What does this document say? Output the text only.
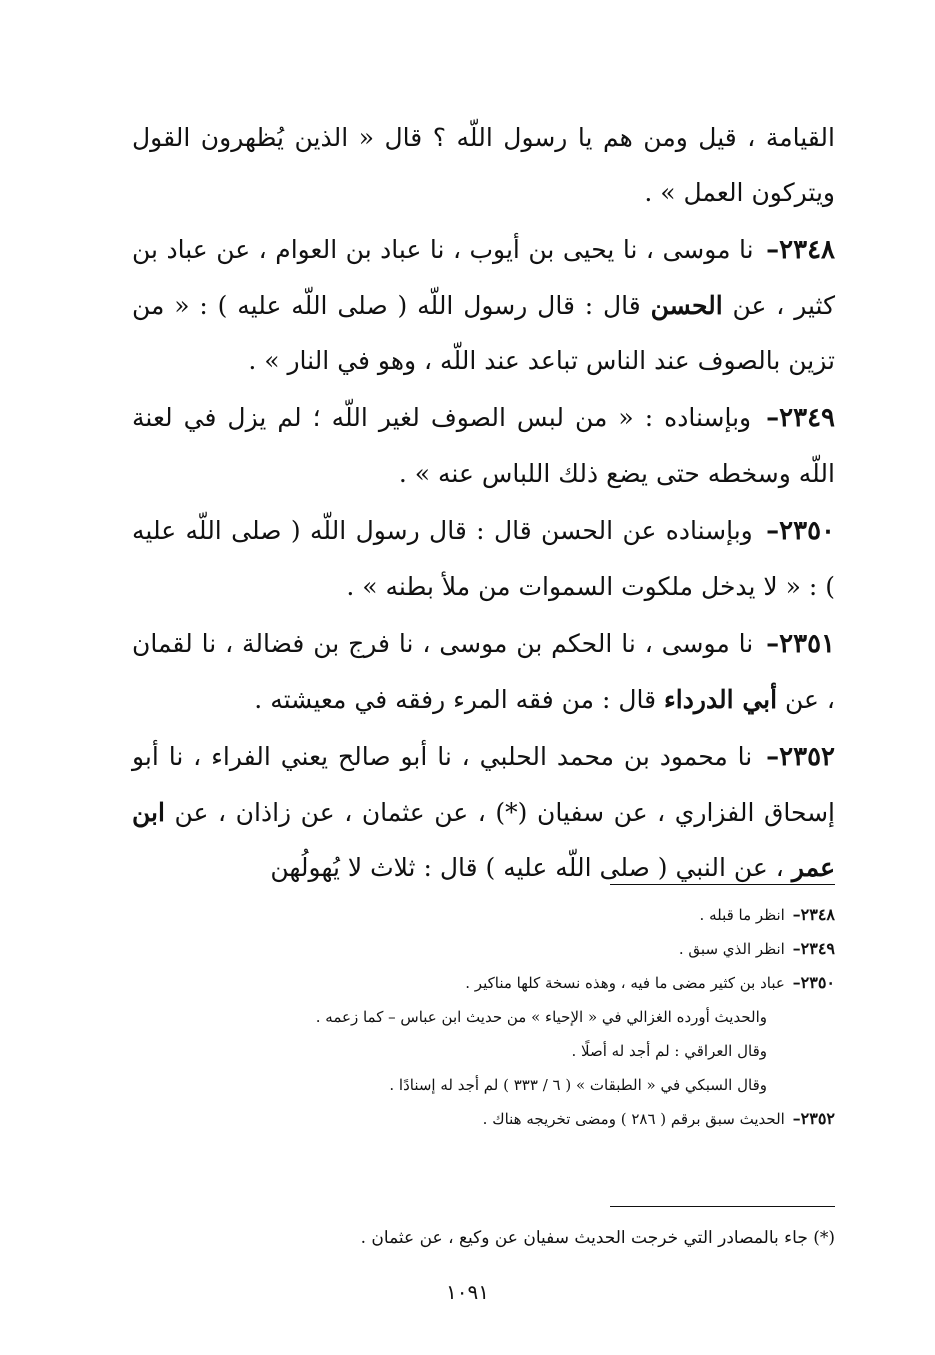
القيامة ، قيل ومن هم يا رسول اللّه ؟ قال « الذين يُظهرون القول ويتركون العمل » .

٢٣٤٨– نا موسى ، نا يحيى بن أيوب ، نا عباد بن العوام ، عن عباد بن كثير ، عن الحسن قال : قال رسول اللّه ( صلى اللّه عليه ) : « من تزين بالصوف عند الناس تباعد عند اللّه ، وهو في النار » .

٢٣٤٩– وبإسناده : « من لبس الصوف لغير اللّه ؛ لم يزل في لعنة اللّه وسخطه حتى يضع ذلك اللباس عنه » .

٢٣٥٠– وبإسناده عن الحسن قال : قال رسول اللّه ( صلى اللّه عليه ) : « لا يدخل ملكوت السموات من ملأ بطنه » .

٢٣٥١– نا موسى ، نا الحكم بن موسى ، نا فرج بن فضالة ، نا لقمان ، عن أبي الدرداء قال : من فقه المرء رفقه في معيشته .

٢٣٥٢– نا محمود بن محمد الحلبي ، نا أبو صالح يعني الفراء ، نا أبو إسحاق الفزاري ، عن سفيان (*) ، عن عثمان ، عن زاذان ، عن ابن عمر ، عن النبي ( صلى اللّه عليه ) قال : ثلاث لا يُهولُهن

٢٣٤٨– انظر ما قبله .
٢٣٤٩– انظر الذي سبق .
٢٣٥٠– عباد بن كثير مضى ما فيه ، وهذه نسخة كلها مناكير .
والحديث أورده الغزالي في « الإحياء » من حديث ابن عباس – كما زعمه .
وقال العراقي : لم أجد له أصلًا .
وقال السبكي في « الطبقات » ( ٦ / ٣٣٣ ) لم أجد له إسنادًا .
٢٣٥٢– الحديث سبق برقم ( ٢٨٦ ) ومضى تخريجه هناك .
(*) جاء بالمصادر التي خرجت الحديث سفيان عن وكيع ، عن عثمان .
١٠٩١
